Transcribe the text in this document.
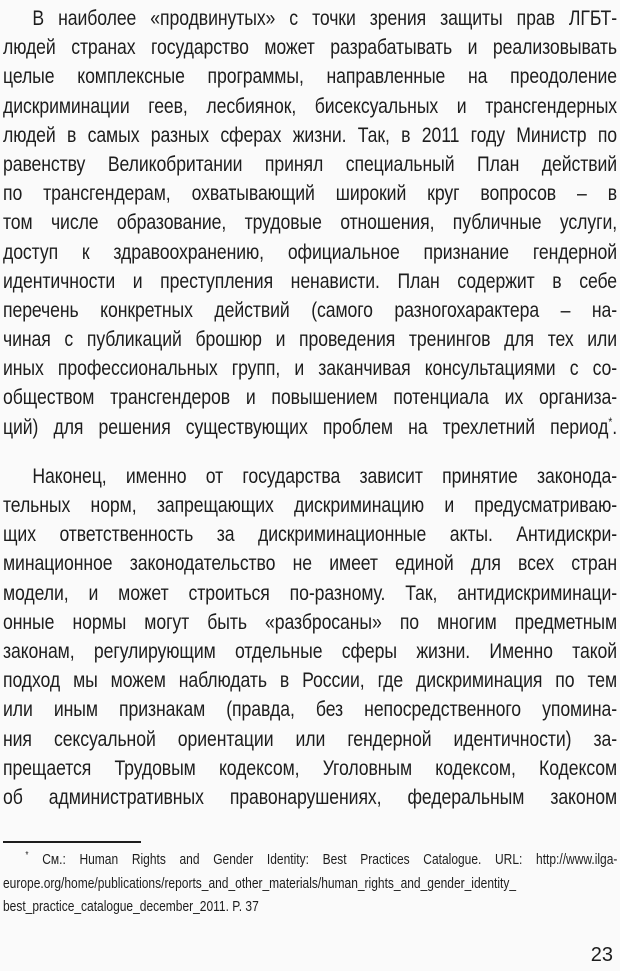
В наиболее «продвинутых» с точки зрения защиты прав ЛГБТ-
людей странах государство может разрабатывать и реализовывать
целые комплексные программы, направленные на преодоление
дискриминации геев, лесбиянок, бисексуальных и трансгендерных
людей в самых разных сферах жизни. Так, в 2011 году Министр по
равенству Великобритании принял специальный План действий
по трансгендерам, охватывающий широкий круг вопросов – в
том числе образование, трудовые отношения, публичные услуги,
доступ к здравоохранению, официальное признание гендерной
идентичности и преступления ненависти. План содержит в себе
перечень конкретных действий (самого разногохарактера – на-
чиная с публикаций брошюр и проведения тренингов для тех или
иных профессиональных групп, и заканчивая консультациями с со-
обществом трансгендеров и повышением потенциала их организа-
ций) для решения существующих проблем на трехлетний период*.
Наконец, именно от государства зависит принятие законода-
тельных норм, запрещающих дискриминацию и предусматриваю-
щих ответственность за дискриминационные акты. Антидискри-
минационное законодательство не имеет единой для всех стран
модели, и может строиться по-разному. Так, антидискриминаци-
онные нормы могут быть «разбросаны» по многим предметным
законам, регулирующим отдельные сферы жизни. Именно такой
подход мы можем наблюдать в России, где дискриминация по тем
или иным признакам (правда, без непосредственного упомина-
ния сексуальной ориентации или гендерной идентичности) за-
прещается Трудовым кодексом, Уголовным кодексом, Кодексом
об административных правонарушениях, федеральным законом
* См.: Human Rights and Gender Identity: Best Practices Catalogue. URL: http://www.ilga-
europe.org/home/publications/reports_and_other_materials/human_rights_and_gender_identity_
best_practice_catalogue_december_2011. P. 37
23
